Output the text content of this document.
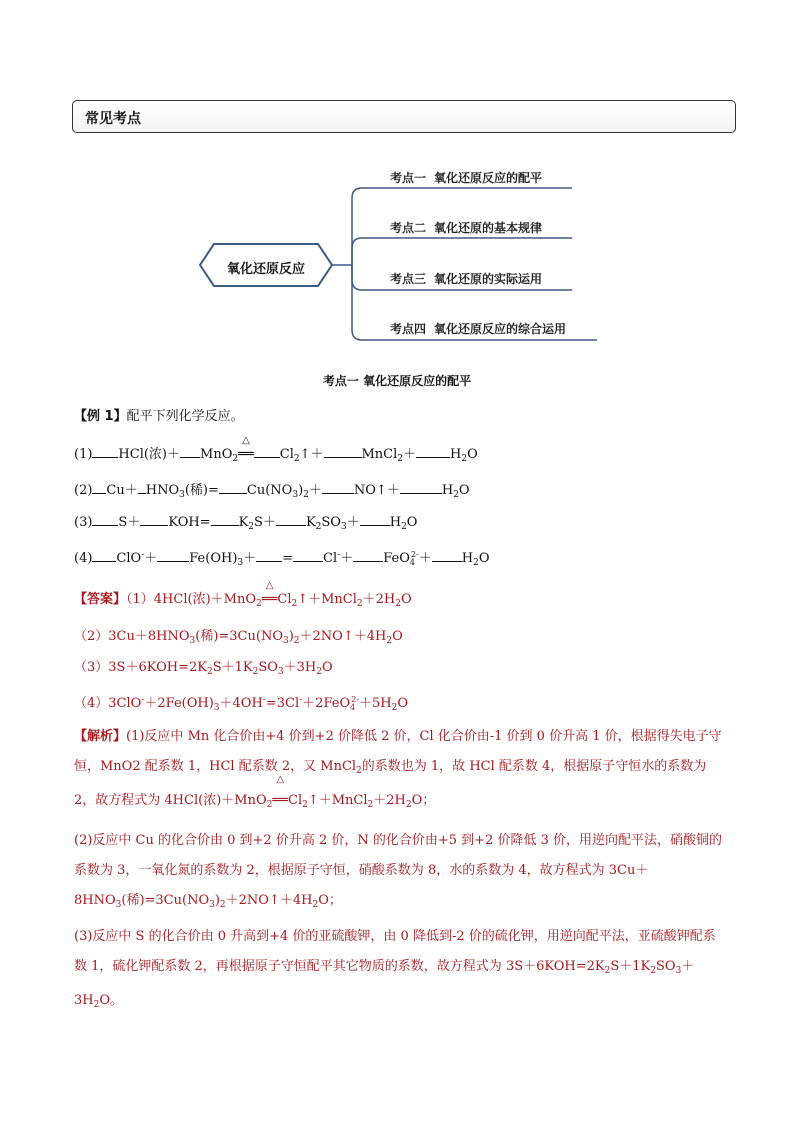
常见考点
氧化还原反应
考点一 氧化还原反应的配平
考点二 氧化还原的基本规律
考点三 氧化还原的实际运用
考点四 氧化还原反应的综合运用
考点一 氧化还原反应的配平
【例 1】配平下列化学反应。
(1) HCl(浓)＋ MnO$_2$
△
══ $Cl_2↑+$	MnCl$_2$＋	$H_2O$
(2) $Cu+ HNO_3$(稀)= $Cu(NO_3)_2+$ NO↑＋	$H_2O$
(3) $S+ KOH= K_2S+ K_2SO_3+ H_2O$
(4) $ClO^-+ Fe(OH)_3+ = Cl^-+ FeO_4^{2-}+ H_2O$
【答案】（1）4HCl(浓)＋MnO$_2$
△
$══Cl_2↑+MnCl_2+2H_2O$
$(2)3Cu+8HNO_3$(稀)$=3Cu(NO_3)_2+2NO↑+4H_2O$
$(3)3S+6KOH=2K_2S+1K_2SO_3+3H_2O$
$(4)3ClO^-+2Fe(OH)_3+4OH^-=3Cl^-+2FeO_4^{2-}+5H_2O$
【解析】(1)反应中 Mn 化合价由+4 价到+2 价降低 2 价，Cl 化合价由-1 价到 0 价升高 1 价，根据得失电子守恒，MnO2 配系数 1，HCl 配系数 2，又 MnCl$_2$的系数也为 1，故 HCl 配系数 4，根据原子守恒水的系数为 2，故方程式为 4HCl(浓)＋MnO$_2$
△
$══Cl_2↑+MnCl_2+2H_2O$；
(2)反应中 Cu 的化合价由 0 到+2 价升高 2 价，N 的化合价由+5 到+2 价降低 3 价，用逆向配平法，硝酸铜的系数为 3，一氧化氮的系数为 2，根据原子守恒，硝酸系数为 8，水的系数为 4，故方程式为 $3Cu+8HNO_3$(稀)$=3Cu(NO_3)_2+2NO↑+4H_2O$；
(3)反应中 S 的化合价由 0 升高到+4 价的亚硫酸钾，由 0 降低到-2 价的硫化钾，用逆向配平法，亚硫酸钾配系数 1，硫化钾配系数 2，再根据原子守恒配平其它物质的系数，故方程式为 $3S+6KOH=2K_2S+1K_2SO_3+3H_2O$。
